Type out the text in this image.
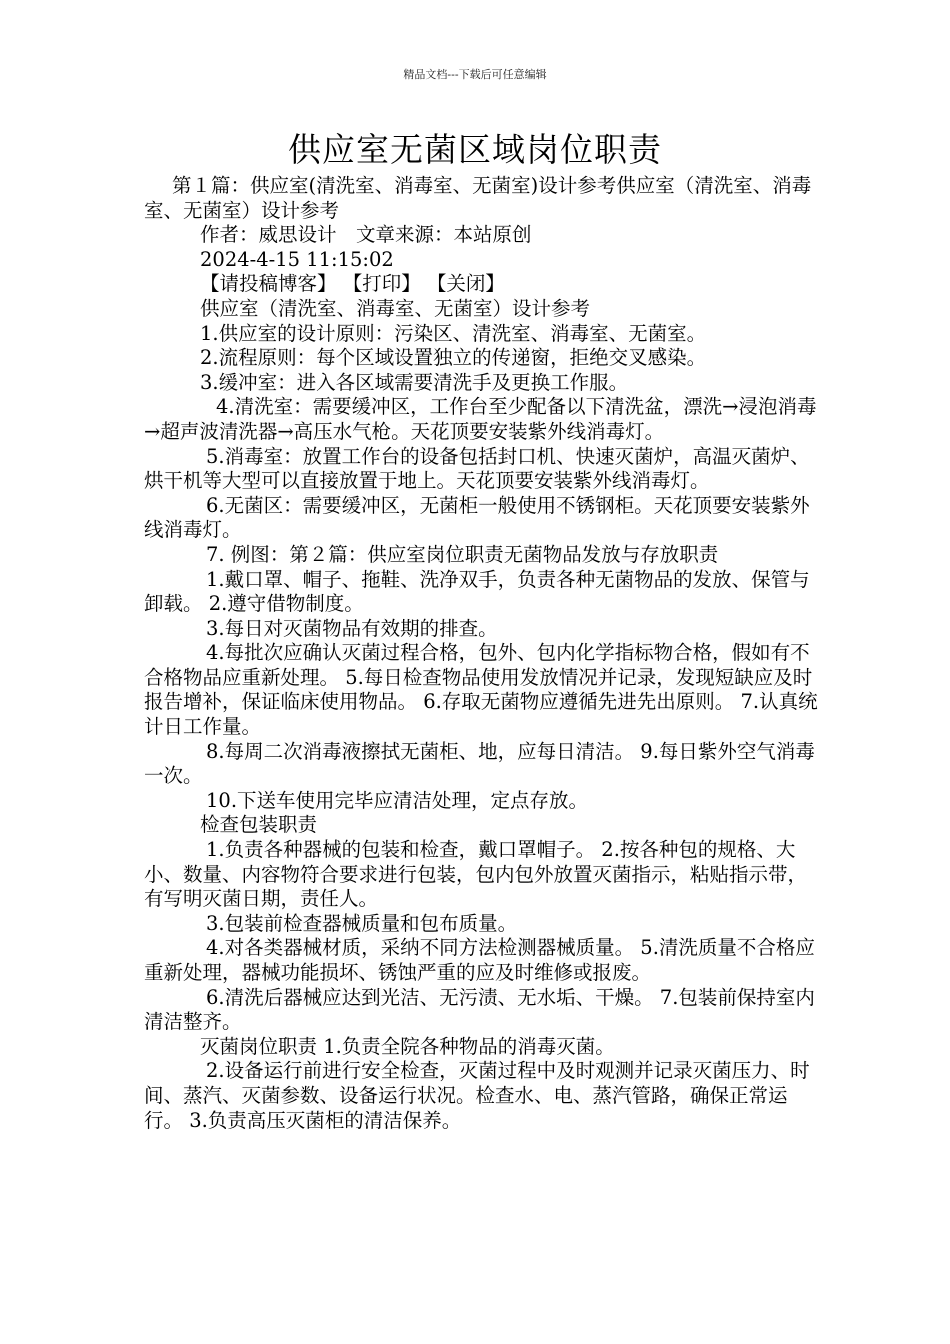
精品文档---下载后可任意编辑
供应室无菌区域岗位职责

第１篇：供应室(清洗室、消毒室、无菌室)设计参考供应室（清洗室、消毒室、无菌室）设计参考

作者：威思设计　文章来源：本站原创

2024-4-15 11:15:02

【请投稿博客】 【打印】 【关闭】

供应室（清洗室、消毒室、无菌室）设计参考

1.供应室的设计原则：污染区、清洗室、消毒室、无菌室。

2.流程原则：每个区域设置独立的传递窗，拒绝交叉感染。

3.缓冲室：进入各区域需要清洗手及更换工作服。

4.清洗室：需要缓冲区，工作台至少配备以下清洗盆，漂洗→浸泡消毒→超声波清洗器→高压水气枪。天花顶要安装紫外线消毒灯。

5.消毒室：放置工作台的设备包括封口机、快速灭菌炉，高温灭菌炉、烘干机等大型可以直接放置于地上。天花顶要安装紫外线消毒灯。

6.无菌区：需要缓冲区，无菌柜一般使用不锈钢柜。天花顶要安装紫外线消毒灯。

7. 例图：第２篇：供应室岗位职责无菌物品发放与存放职责

1.戴口罩、帽子、拖鞋、洗净双手，负责各种无菌物品的发放、保管与卸载。 2.遵守借物制度。

3.每日对灭菌物品有效期的排查。

4.每批次应确认灭菌过程合格，包外、包内化学指标物合格，假如有不合格物品应重新处理。 5.每日检查物品使用发放情况并记录，发现短缺应及时报告增补，保证临床使用物品。 6.存取无菌物应遵循先进先出原则。 7.认真统计日工作量。

8.每周二次消毒液擦拭无菌柜、地，应每日清洁。 9.每日紫外空气消毒一次。

10.下送车使用完毕应清洁处理，定点存放。

检查包装职责

1.负责各种器械的包装和检查，戴口罩帽子。 2.按各种包的规格、大小、数量、内容物符合要求进行包装，包内包外放置灭菌指示，粘贴指示带，有写明灭菌日期，责任人。

3.包装前检查器械质量和包布质量。

4.对各类器械材质，采纳不同方法检测器械质量。 5.清洗质量不合格应重新处理，器械功能损坏、锈蚀严重的应及时维修或报废。

6.清洗后器械应达到光洁、无污渍、无水垢、干燥。 7.包装前保持室内清洁整齐。

灭菌岗位职责 1.负责全院各种物品的消毒灭菌。

2.设备运行前进行安全检查，灭菌过程中及时观测并记录灭菌压力、时间、蒸汽、灭菌参数、设备运行状况。检查水、电、蒸汽管路，确保正常运行。 3.负责高压灭菌柜的清洁保养。
